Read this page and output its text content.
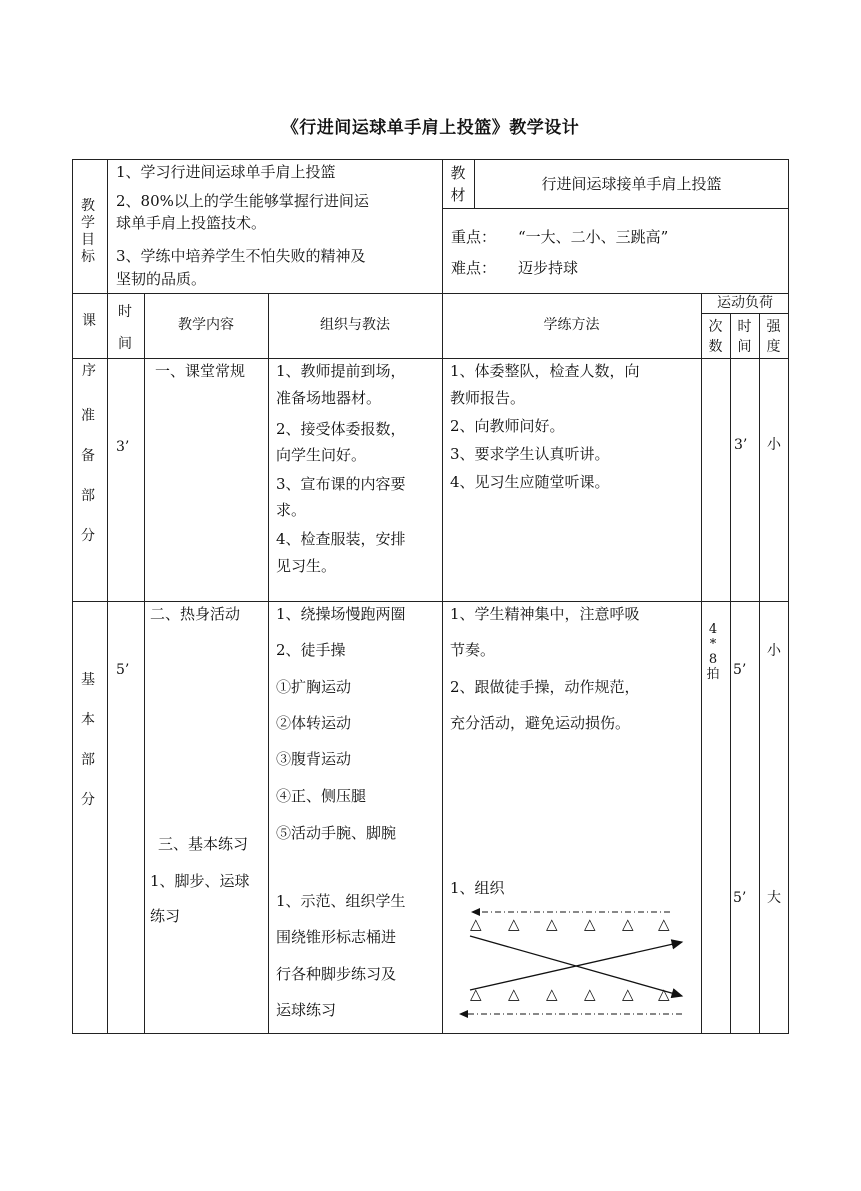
《行进间运球单手肩上投篮》教学设计
教学目标
1、学习行进间运球单手肩上投篮
2、80%以上的学生能够掌握行进间运
球单手肩上投篮技术。
3、学练中培养学生不怕失败的精神及
坚韧的品质。
教材
行进间运球接单手肩上投篮
重点： “一大、二小、三跳高”
难点： 迈步持球
课序
时间
教学内容	组织与教法	学练方法
运动负荷
次数
时间
强度
准备部分
3’
一、课堂常规 1、教师提前到场，
准备场地器材。
2、接受体委报数，
向学生问好。
3、宣布课的内容要
求。
4、检查服装，安排
见习生。
1、体委整队，检查人数，向
教师报告。
2、向教师问好。
3、要求学生认真听讲。
4、见习生应随堂听课。
3’ 小
基本部分
5’
二、热身活动 1、绕操场慢跑两圈
2、徒手操
①扩胸运动
②体转运动
③腹背运动
④正、侧压腿
⑤活动手腕、脚腕
1、学生精神集中，注意呼吸
节奏。
2、跟做徒手操，动作规范，
充分活动，避免运动损伤。
4*8拍 5’
小
三、基本练习
1、脚步、运球
练习
1、示范、组织学生
围绕锥形标志桶进
行各种脚步练习及
运球练习
1、组织
5’ 大
△ △ △ △ △ △
△ △ △ △ △ △
